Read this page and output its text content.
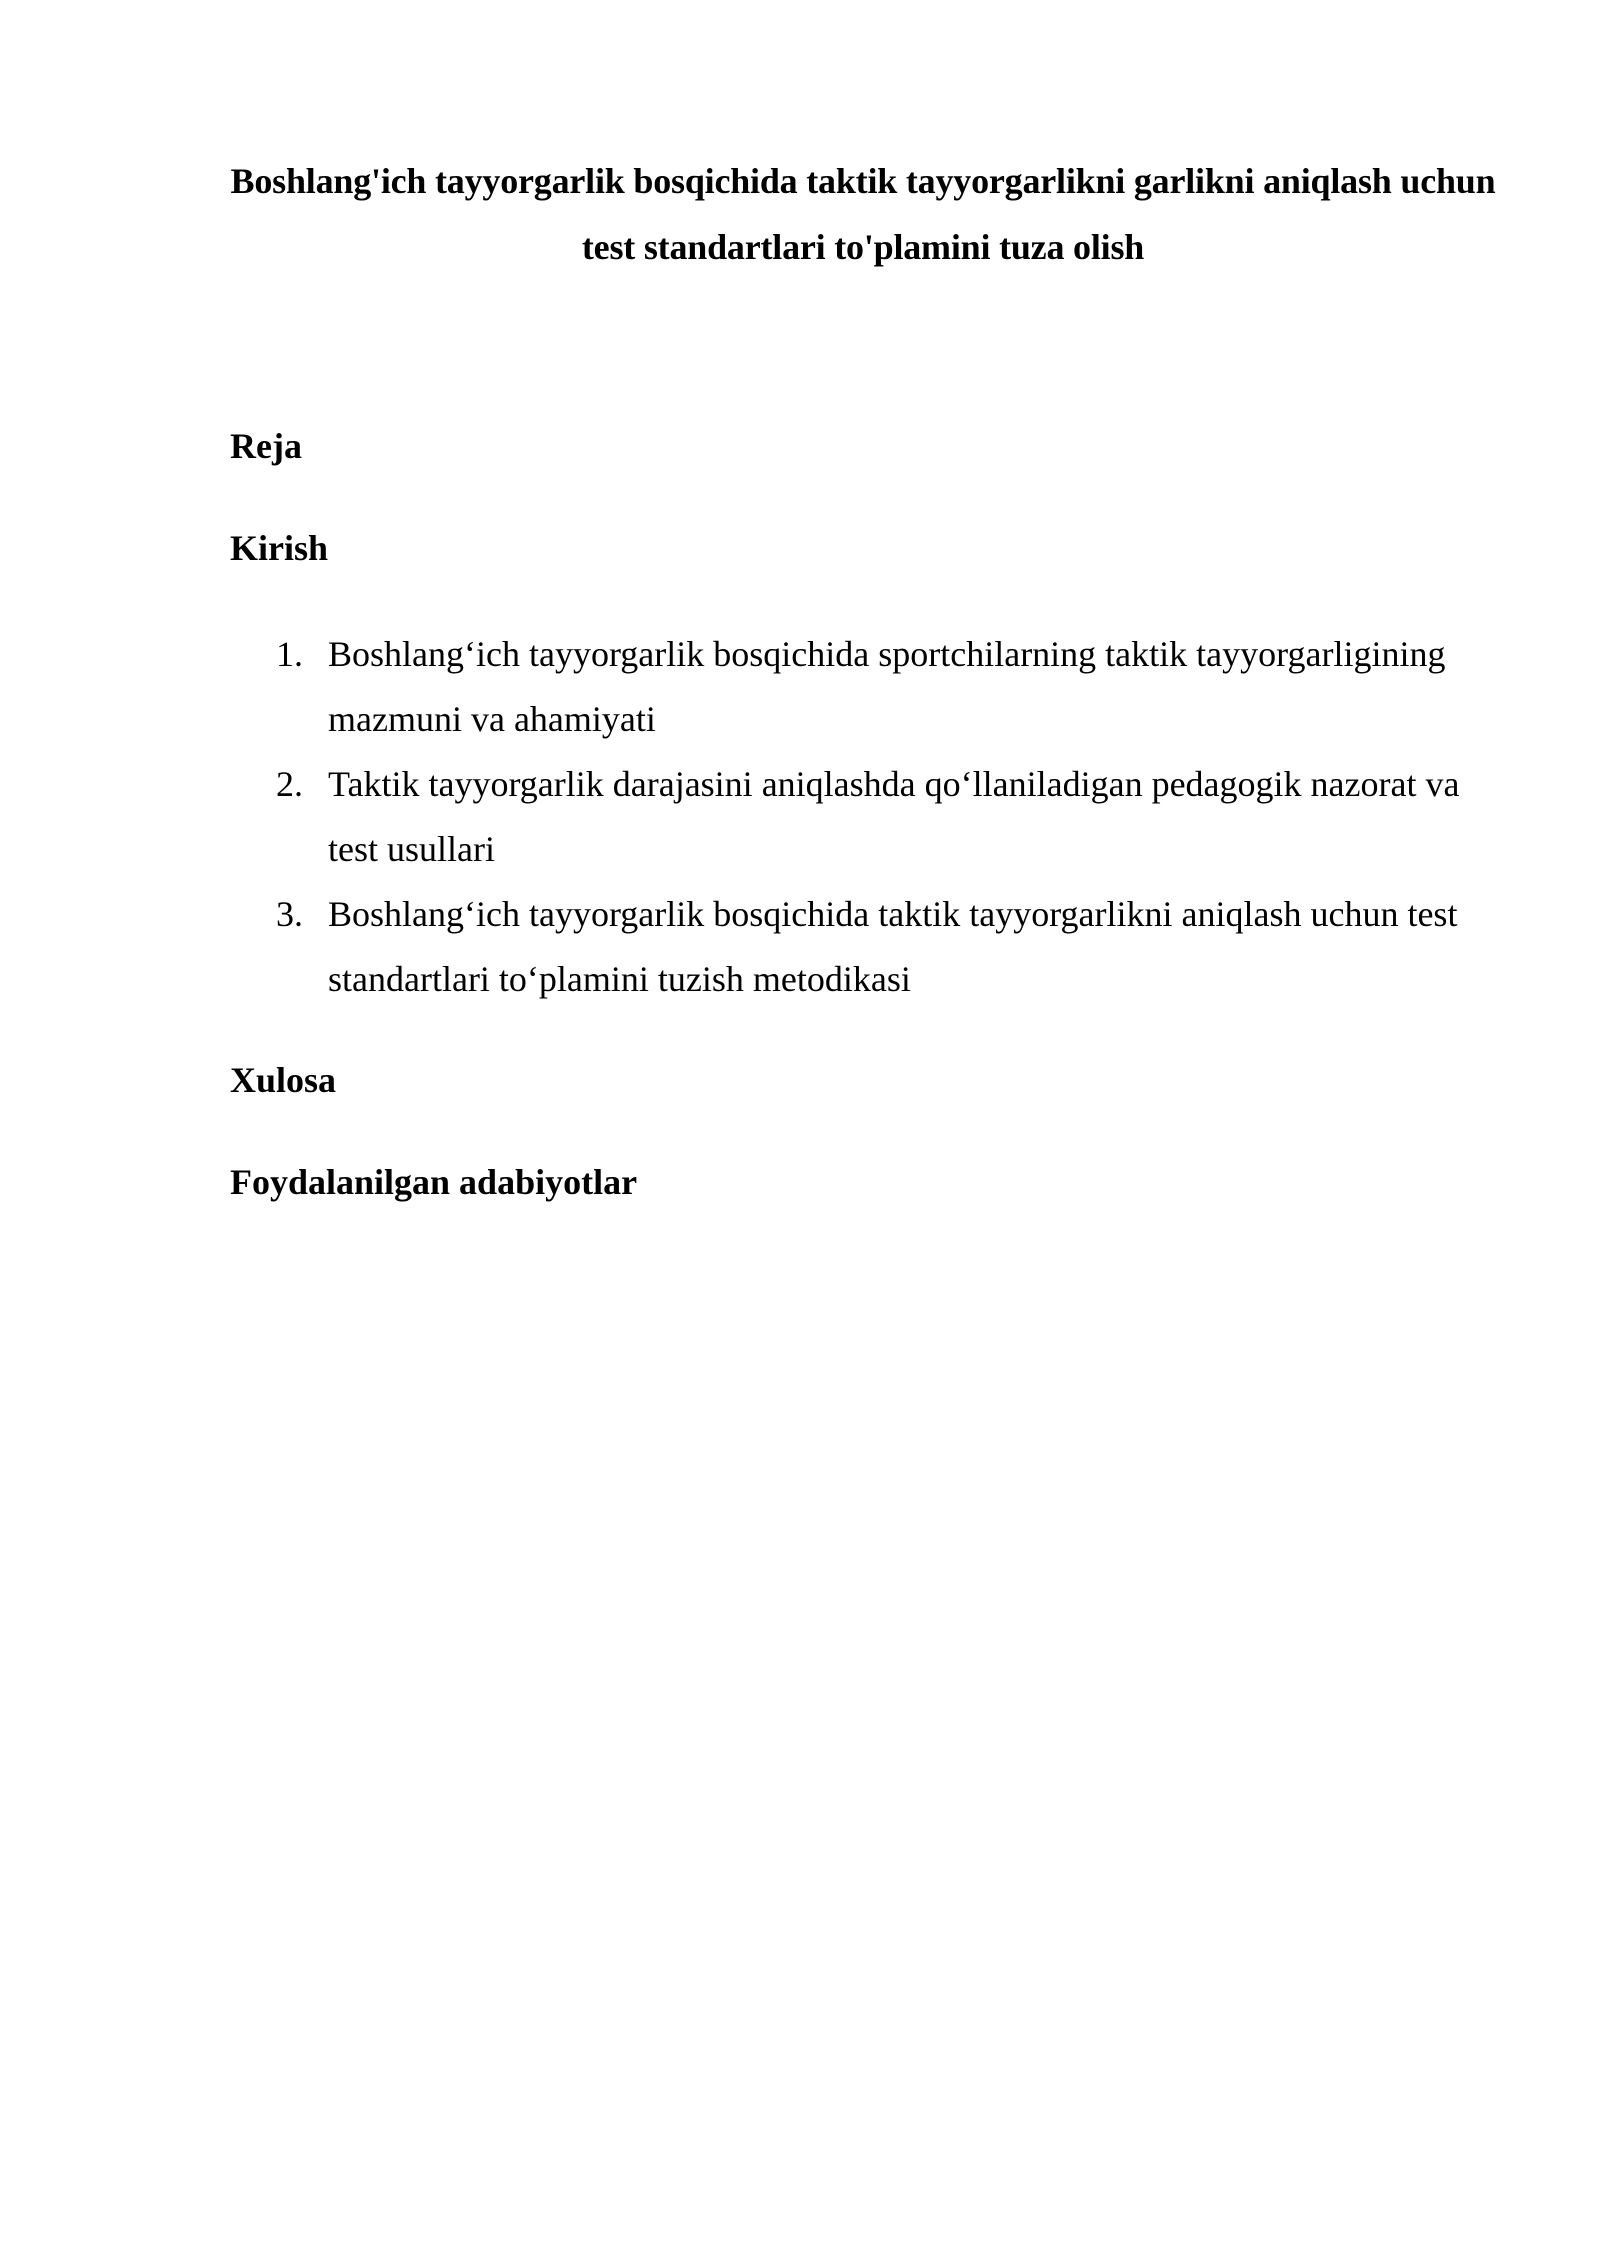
Boshlang'ich tayyorgarlik bosqichida taktik tayyorgarlikni garlikni aniqlash uchun test standartlari to'plamini tuza olish
Reja
Kirish
1. Boshlang‘ich tayyorgarlik bosqichida sportchilarning taktik tayyorgarligining mazmuni va ahamiyati
2. Taktik tayyorgarlik darajasini aniqlashda qo‘llaniladigan pedagogik nazorat va test usullari
3. Boshlang‘ich tayyorgarlik bosqichida taktik tayyorgarlikni aniqlash uchun test standartlari to‘plamini tuzish metodikasi
Xulosa
Foydalanilgan adabiyotlar
